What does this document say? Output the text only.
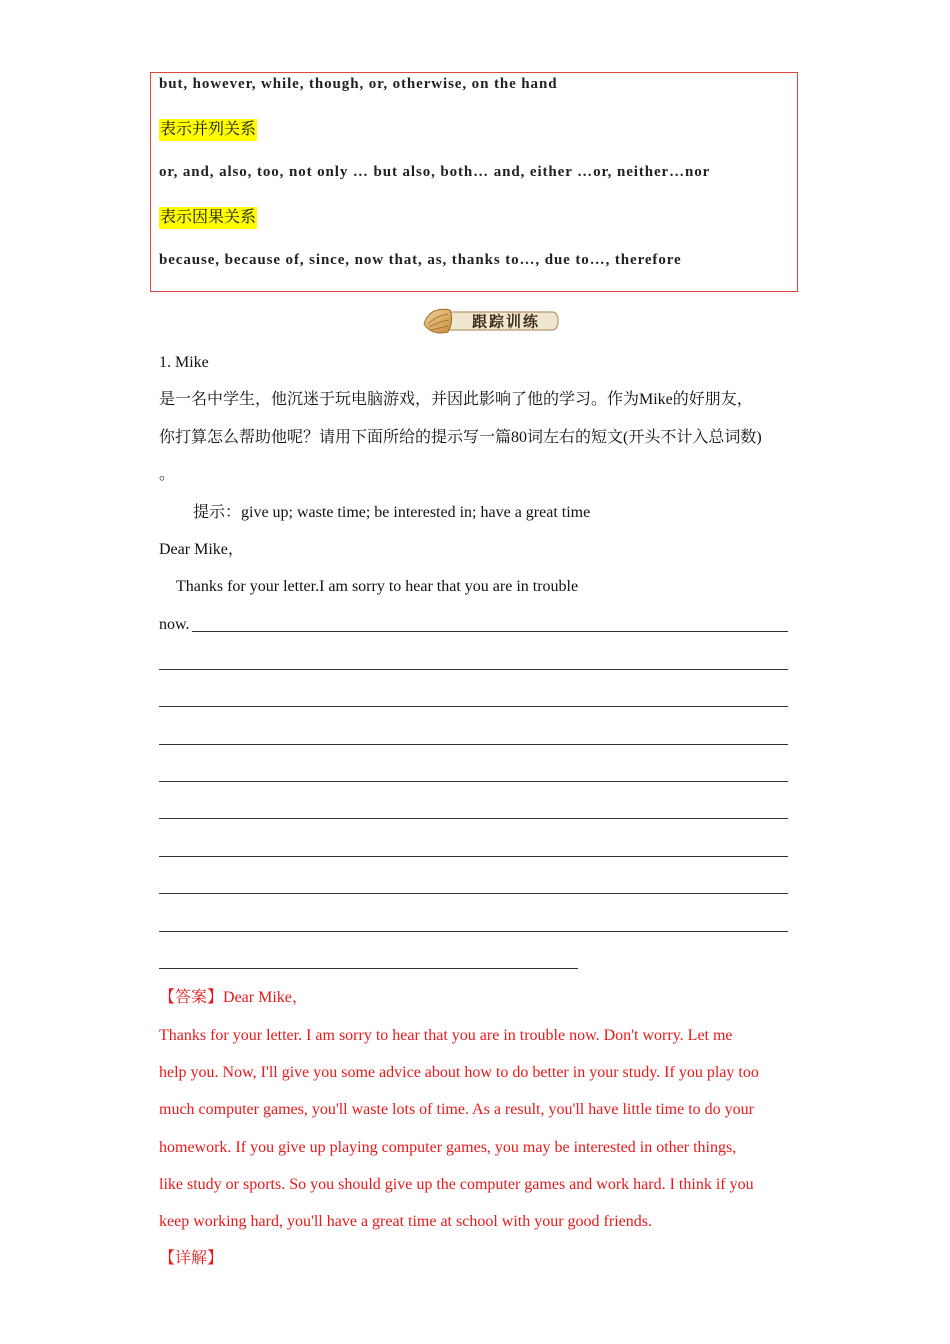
but, however, while, though, or, otherwise, on the hand
表示并列关系
or, and, also, too, not only … but also, both… and, either …or, neither…nor
表示因果关系
because, because of, since, now that, as, thanks to…, due to…, therefore
跟踪训练
1. Mike
是一名中学生，他沉迷于玩电脑游戏，并因此影响了他的学习。作为Mike的好朋友，
你打算怎么帮助他呢？请用下面所给的提示写一篇80词左右的短文(开头不计入总词数)
。
提示：give up; waste time; be interested in; have a great time
Dear Mike，
Thanks for your letter.I am sorry to hear that you are in trouble
now.
【答案】Dear Mike，
Thanks for your letter. I am sorry to hear that you are in trouble now. Don't worry. Let me
help you. Now, I'll give you some advice about how to do better in your study. If you play too
much computer games, you'll waste lots of time. As a result, you'll have little time to do your
homework. If you give up playing computer games, you may be interested in other things,
like study or sports. So you should give up the computer games and work hard. I think if you
keep working hard, you'll have a great time at school with your good friends.
【详解】
